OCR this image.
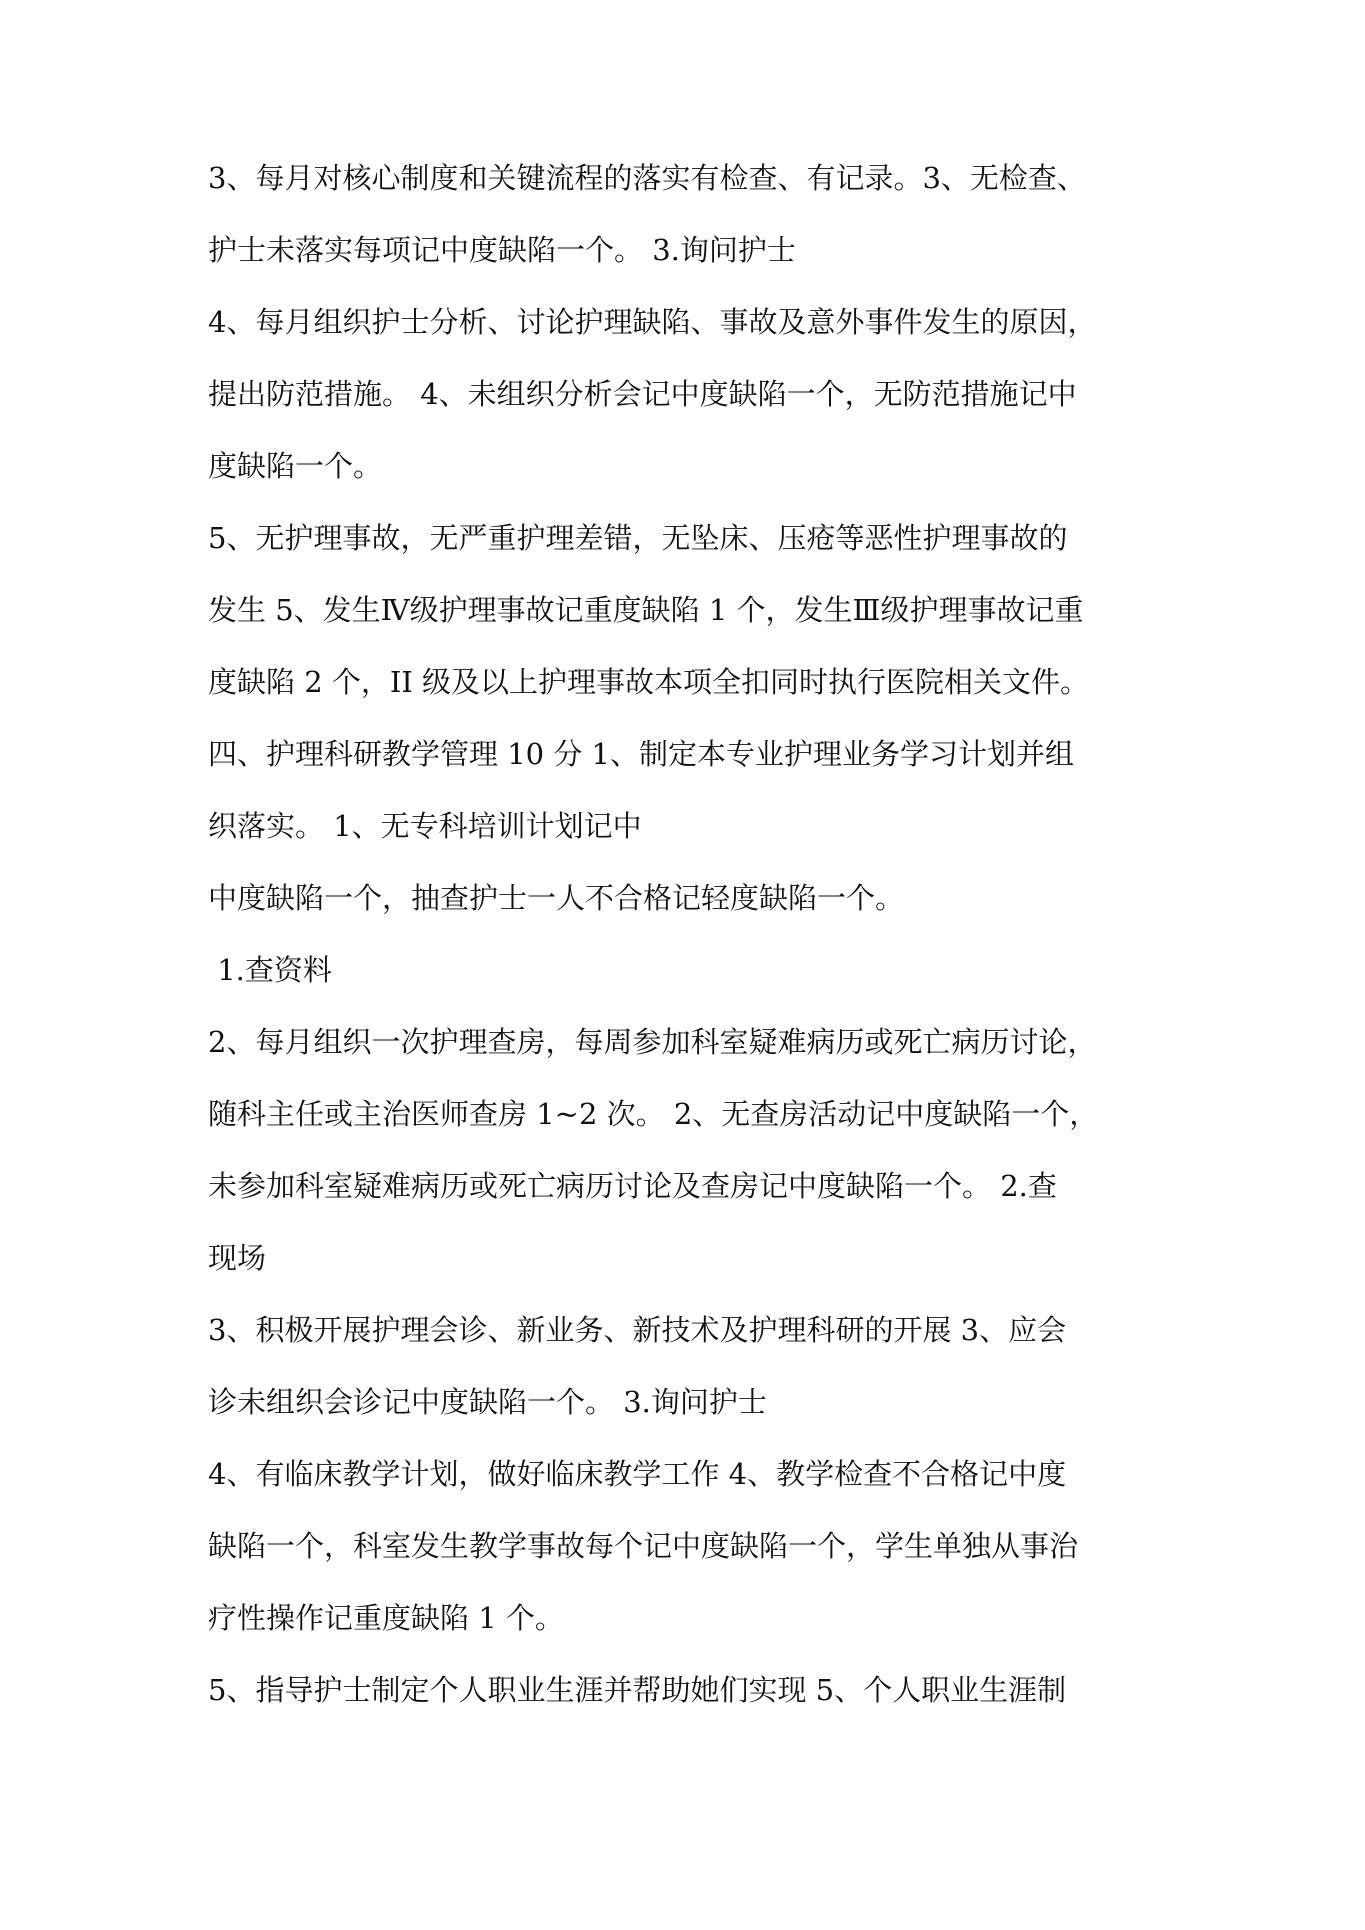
3、每月对核心制度和关键流程的落实有检查、有记录。3、无检查、
护士未落实每项记中度缺陷一个。 3.询问护士
4、每月组织护士分析、讨论护理缺陷、事故及意外事件发生的原因，
提出防范措施。 4、未组织分析会记中度缺陷一个，无防范措施记中
度缺陷一个。
5、无护理事故，无严重护理差错，无坠床、压疮等恶性护理事故的
发生 5、发生Ⅳ级护理事故记重度缺陷 1 个，发生Ⅲ级护理事故记重
度缺陷 2 个，II 级及以上护理事故本项全扣同时执行医院相关文件。
四、护理科研教学管理 10 分 1、制定本专业护理业务学习计划并组
织落实。 1、无专科培训计划记中
中度缺陷一个，抽查护士一人不合格记轻度缺陷一个。
1.查资料
2、每月组织一次护理查房，每周参加科室疑难病历或死亡病历讨论，
随科主任或主治医师查房 1~2 次。 2、无查房活动记中度缺陷一个，
未参加科室疑难病历或死亡病历讨论及查房记中度缺陷一个。 2.查
现场
3、积极开展护理会诊、新业务、新技术及护理科研的开展 3、应会
诊未组织会诊记中度缺陷一个。 3.询问护士
4、有临床教学计划，做好临床教学工作 4、教学检查不合格记中度
缺陷一个，科室发生教学事故每个记中度缺陷一个，学生单独从事治
疗性操作记重度缺陷 1 个。
5、指导护士制定个人职业生涯并帮助她们实现 5、个人职业生涯制
